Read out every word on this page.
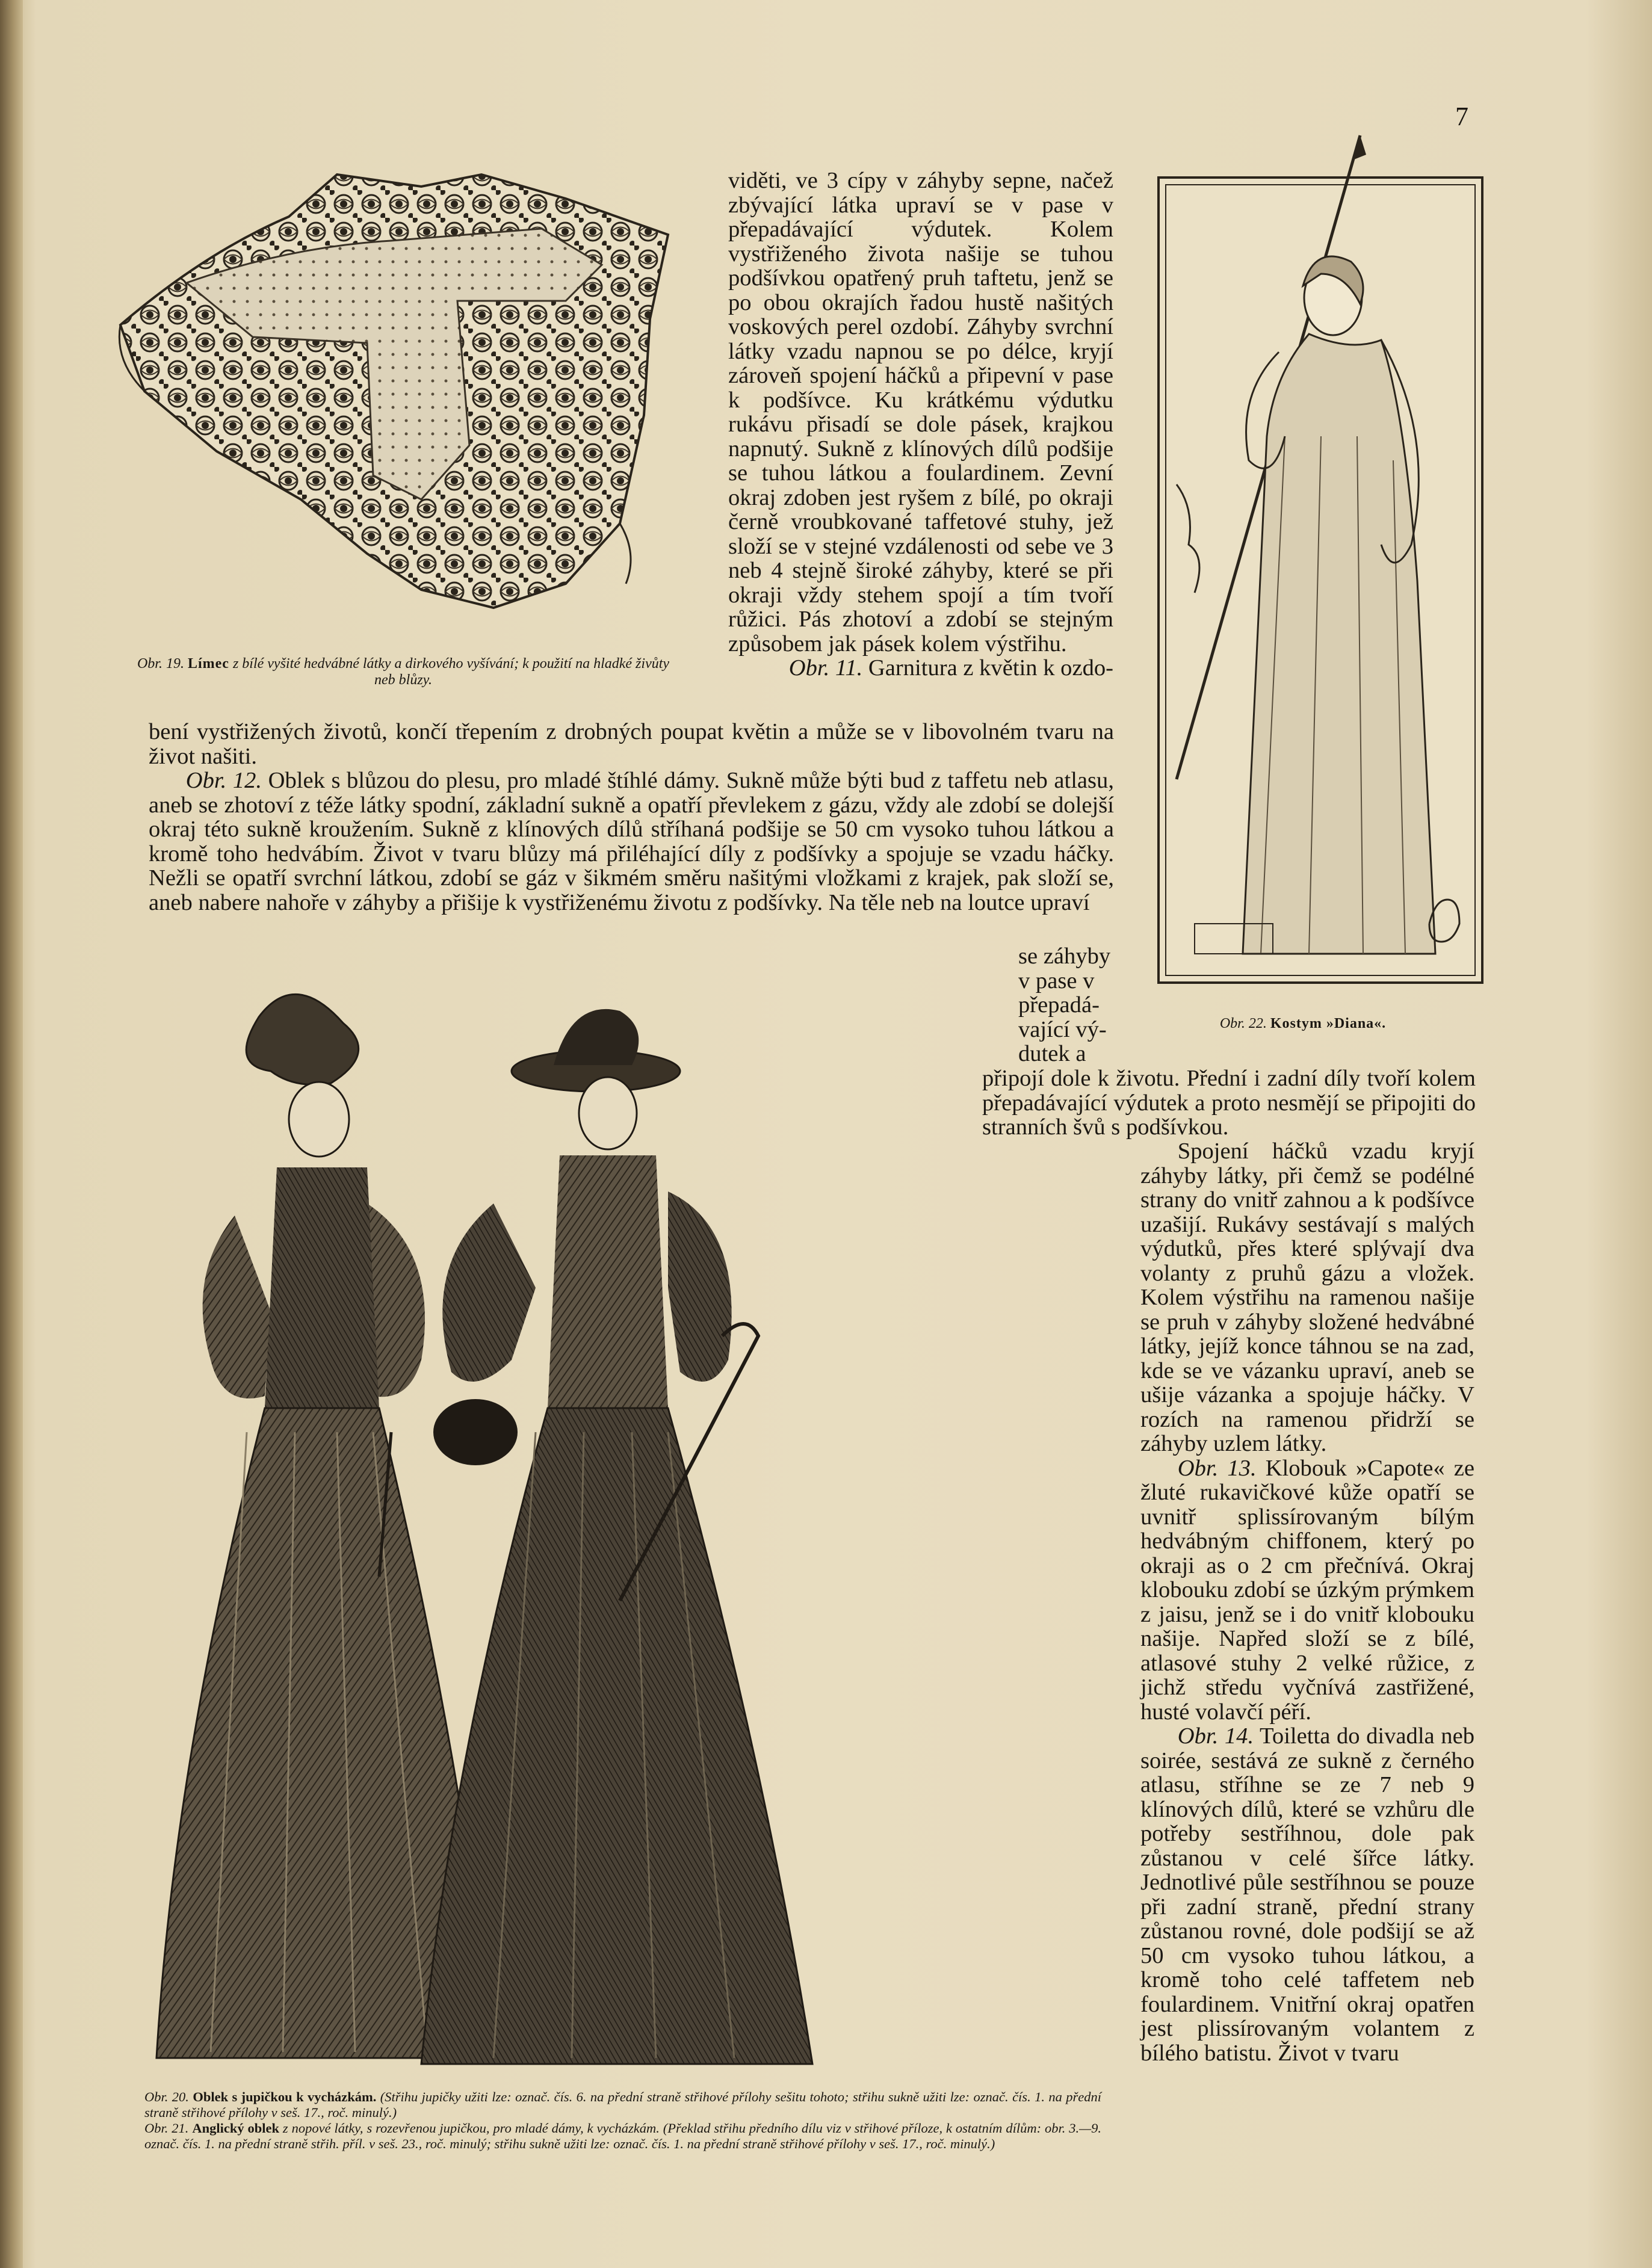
7
Obr. 19. Límec z bílé vyšité hedvábné látky a dirkového vyšívání; k použití na hladké živůty neb blůzy.

viděti, ve 3 cípy v záhyby sepne, načež zbývající látka upraví se v pase v přepadávající výdutek. Kolem vystřiženého života našije se tuhou podšívkou opatřený pruh taftetu, jenž se po obou okrajích řadou hustě našitých voskových perel ozdobí. Záhyby svrchní látky vzadu napnou se po délce, kryjí zároveň spojení háčků a připevní v pase k podšívce. Ku krátkému výdutku rukávu přisadí se dole pásek, krajkou napnutý. Sukně z klínových dílů podšije se tuhou látkou a foulardinem. Zevní okraj zdoben jest ryšem z bílé, po okraji černě vroubkované taffetové stuhy, jež složí se v stejné vzdálenosti od sebe ve 3 neb 4 stejně široké záhyby, které se při okraji vždy stehem spojí a tím tvoří růžici. Pás zhotoví a zdobí se stejným způsobem jak pásek kolem výstřihu.

Obr. 11. Garnitura z květin k ozdo-

Obr. 22. Kostym »Diana«.

bení vystřižených životů, končí třepením z drobných poupat květin a může se v libovolném tvaru na život našiti.

Obr. 12. Oblek s blůzou do plesu, pro mladé štíhlé dámy. Sukně může býti bud z taffetu neb atlasu, aneb se zhotoví z téže látky spodní, základní sukně a opatří převlekem z gázu, vždy ale zdobí se dolejší okraj této sukně kroužením. Sukně z klínových dílů stříhaná podšije se 50 cm vysoko tuhou látkou a kromě toho hedvábím. Život v tvaru blůzy má přiléhající díly z podšívky a spojuje se vzadu háčky. Nežli se opatří svrchní látkou, zdobí se gáz v šikmém směru našitými vložkami z krajek, pak složí se, aneb nabere nahoře v záhyby a přišije k vystřiženému životu z podšívky. Na těle neb na loutce upraví

se záhyby
v pase v
přepadá-
vající vý-
dutek a

připojí dole k životu. Přední i zadní díly tvoří kolem přepadávající výdutek a proto nesmějí se připojiti do stranních švů s podšívkou.

Obr. 20. Oblek s jupičkou k vycházkám. (Střihu jupičky užiti lze: označ. čís. 6. na přední straně střihové přílohy sešitu tohoto; střihu sukně užiti lze: označ. čís. 1. na přední straně střihové přílohy v seš. 17., roč. minulý.)
Obr. 21. Anglický oblek z nopové látky, s rozevřenou jupičkou, pro mladé dámy, k vycházkám. (Překlad střihu předního dílu viz v střihové příloze, k ostatním dílům: obr. 3.—9. označ. čís. 1. na přední straně střih. příl. v seš. 23., roč. minulý; střihu sukně užiti lze: označ. čís. 1. na přední straně střihové přílohy v seš. 17., roč. minulý.)

Spojení háčků vzadu kryjí záhyby látky, při čemž se podélné strany do vnitř zahnou a k podšívce uzašijí. Rukávy sestávají s malých výdutků, přes které splývají dva volanty z pruhů gázu a vložek. Kolem výstřihu na ramenou našije se pruh v záhyby složené hedvábné látky, jejíž konce táhnou se na zad, kde se ve vázanku upraví, aneb se ušije vázanka a spojuje háčky. V rozích na ramenou přidrží se záhyby uzlem látky.

Obr. 13. Klobouk »Capote« ze žluté rukavičkové kůže opatří se uvnitř splissírovaným bílým hedvábným chiffonem, který po okraji as o 2 cm přečnívá. Okraj klobouku zdobí se úzkým prýmkem z jaisu, jenž se i do vnitř klobouku našije. Napřed složí se z bílé, atlasové stuhy 2 velké růžice, z jichž středu vyčnívá zastřižené, husté volavčí péří.

Obr. 14. Toiletta do divadla neb soirée, sestává ze sukně z černého atlasu, stříhne se ze 7 neb 9 klínových dílů, které se vzhůru dle potřeby sestříhnou, dole pak zůstanou v celé šířce látky. Jednotlivé půle sestříhnou se pouze při zadní straně, přední strany zůstanou rovné, dole podšijí se až 50 cm vysoko tuhou látkou, a kromě toho celé taffetem neb foulardinem. Vnitřní okraj opatřen jest plissírovaným volantem z bílého batistu. Život v tvaru
